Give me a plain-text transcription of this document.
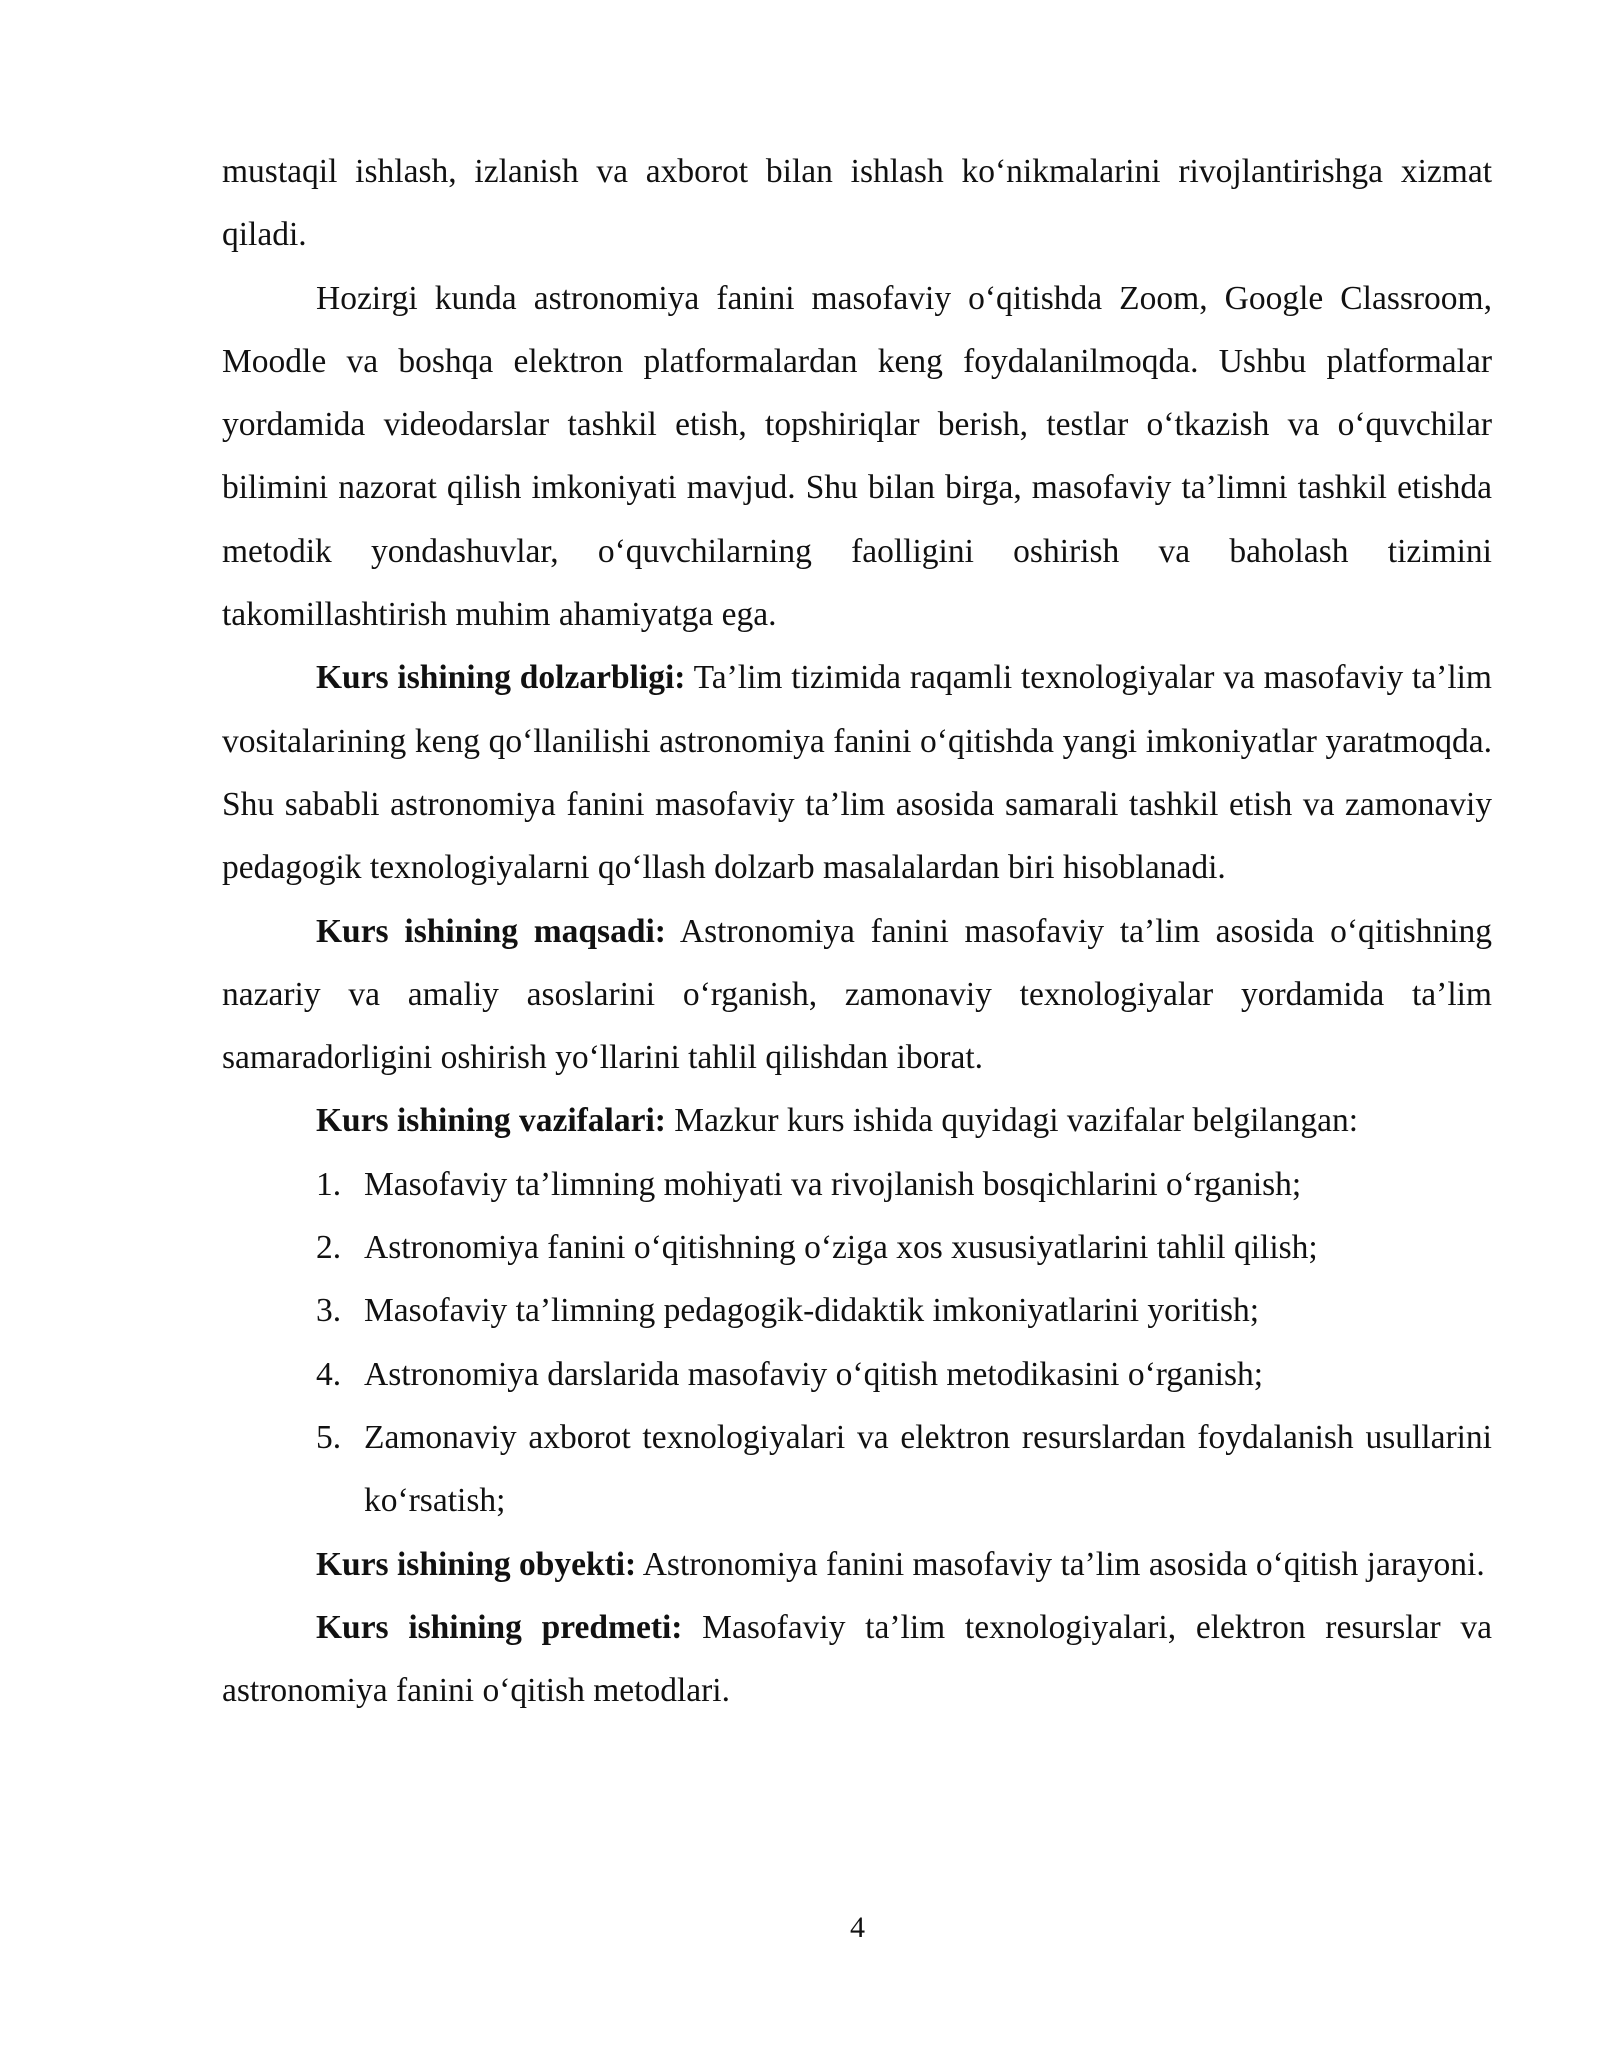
mustaqil ishlash, izlanish va axborot bilan ishlash ko‘nikmalarini rivojlantirishga xizmat qiladi.

Hozirgi kunda astronomiya fanini masofaviy o‘qitishda Zoom, Google Classroom, Moodle va boshqa elektron platformalardan keng foydalanilmoqda. Ushbu platformalar yordamida videodarslar tashkil etish, topshiriqlar berish, testlar o‘tkazish va o‘quvchilar bilimini nazorat qilish imkoniyati mavjud. Shu bilan birga, masofaviy ta’limni tashkil etishda metodik yondashuvlar, o‘quvchilarning faolligini oshirish va baholash tizimini takomillashtirish muhim ahamiyatga ega.

Kurs ishining dolzarbligi: Ta’lim tizimida raqamli texnologiyalar va masofaviy ta’lim vositalarining keng qo‘llanilishi astronomiya fanini o‘qitishda yangi imkoniyatlar yaratmoqda. Shu sababli astronomiya fanini masofaviy ta’lim asosida samarali tashkil etish va zamonaviy pedagogik texnologiyalarni qo‘llash dolzarb masalalardan biri hisoblanadi.

Kurs ishining maqsadi: Astronomiya fanini masofaviy ta’lim asosida o‘qitishning nazariy va amaliy asoslarini o‘rganish, zamonaviy texnologiyalar yordamida ta’lim samaradorligini oshirish yo‘llarini tahlil qilishdan iborat.

Kurs ishining vazifalari: Mazkur kurs ishida quyidagi vazifalar belgilangan:

1. Masofaviy ta’limning mohiyati va rivojlanish bosqichlarini o‘rganish;
2. Astronomiya fanini o‘qitishning o‘ziga xos xususiyatlarini tahlil qilish;
3. Masofaviy ta’limning pedagogik-didaktik imkoniyatlarini yoritish;
4. Astronomiya darslarida masofaviy o‘qitish metodikasini o‘rganish;
5. Zamonaviy axborot texnologiyalari va elektron resurslardan foydalanish usullarini ko‘rsatish;

Kurs ishining obyekti: Astronomiya fanini masofaviy ta’lim asosida o‘qitish jarayoni.

Kurs ishining predmeti: Masofaviy ta’lim texnologiyalari, elektron resurslar va astronomiya fanini o‘qitish metodlari.

4
